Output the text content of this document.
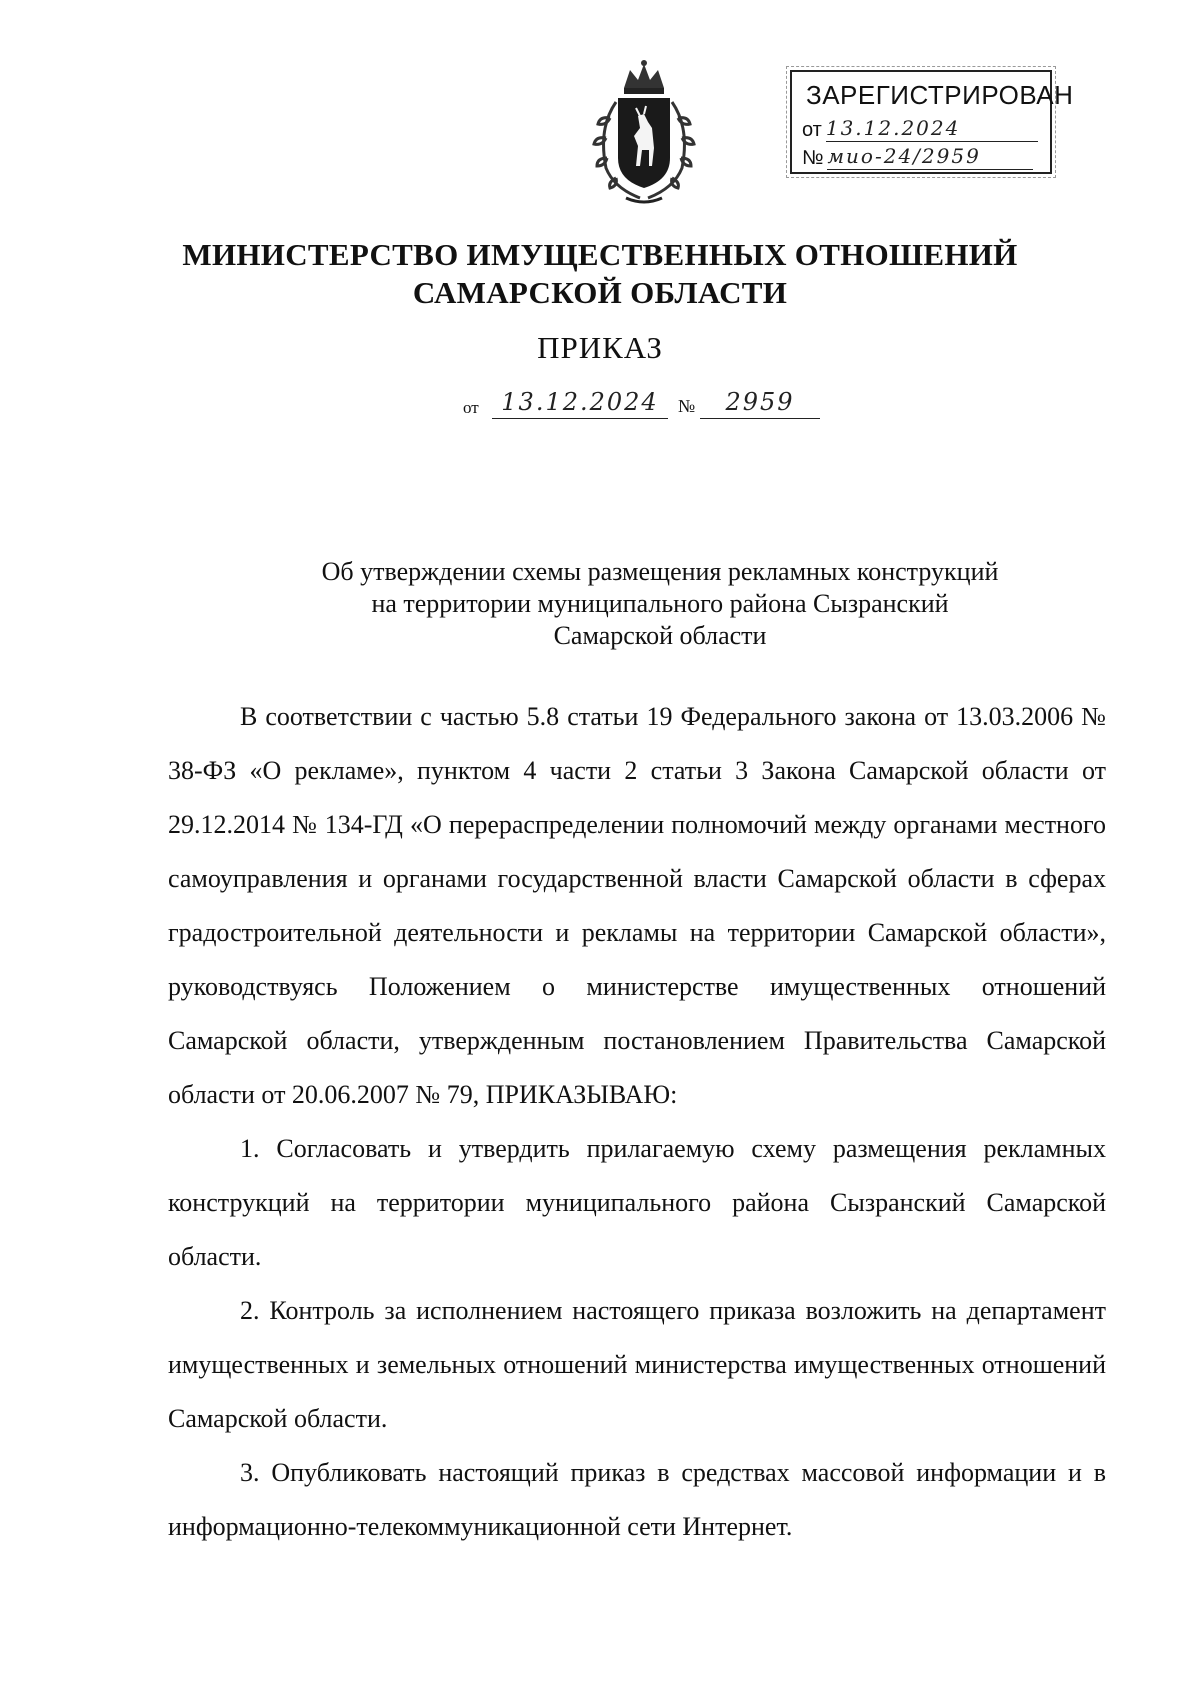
ЗАРЕГИСТРИРОВАН
от 13.12.2024
№ мио-24/2959
МИНИСТЕРСТВО ИМУЩЕСТВЕННЫХ ОТНОШЕНИЙ
САМАРСКОЙ ОБЛАСТИ
ПРИКАЗ
от 13.12.2024	№	2959
Об утверждении схемы размещения рекламных конструкций
на территории муниципального района Сызранский
Самарской области

В соответствии с частью 5.8 статьи 19 Федерального закона от 13.03.2006 № 38-ФЗ «О рекламе», пунктом 4 части 2 статьи 3 Закона Самарской области от 29.12.2014 № 134-ГД «О перераспределении полномочий между органами местного самоуправления и органами государственной власти Самарской области в сферах градостроительной деятельности и рекламы на территории Самарской области», руководствуясь Положением о министерстве имущественных отношений Самарской области, утвержденным постановлением Правительства Самарской области от 20.06.2007 № 79, ПРИКАЗЫВАЮ:

1. Согласовать и утвердить прилагаемую схему размещения рекламных конструкций на территории муниципального района Сызранский Самарской области.

2. Контроль за исполнением настоящего приказа возложить на департамент имущественных и земельных отношений министерства имущественных отношений Самарской области.

3. Опубликовать настоящий приказ в средствах массовой информации и в информационно-телекоммуникационной сети Интернет.
